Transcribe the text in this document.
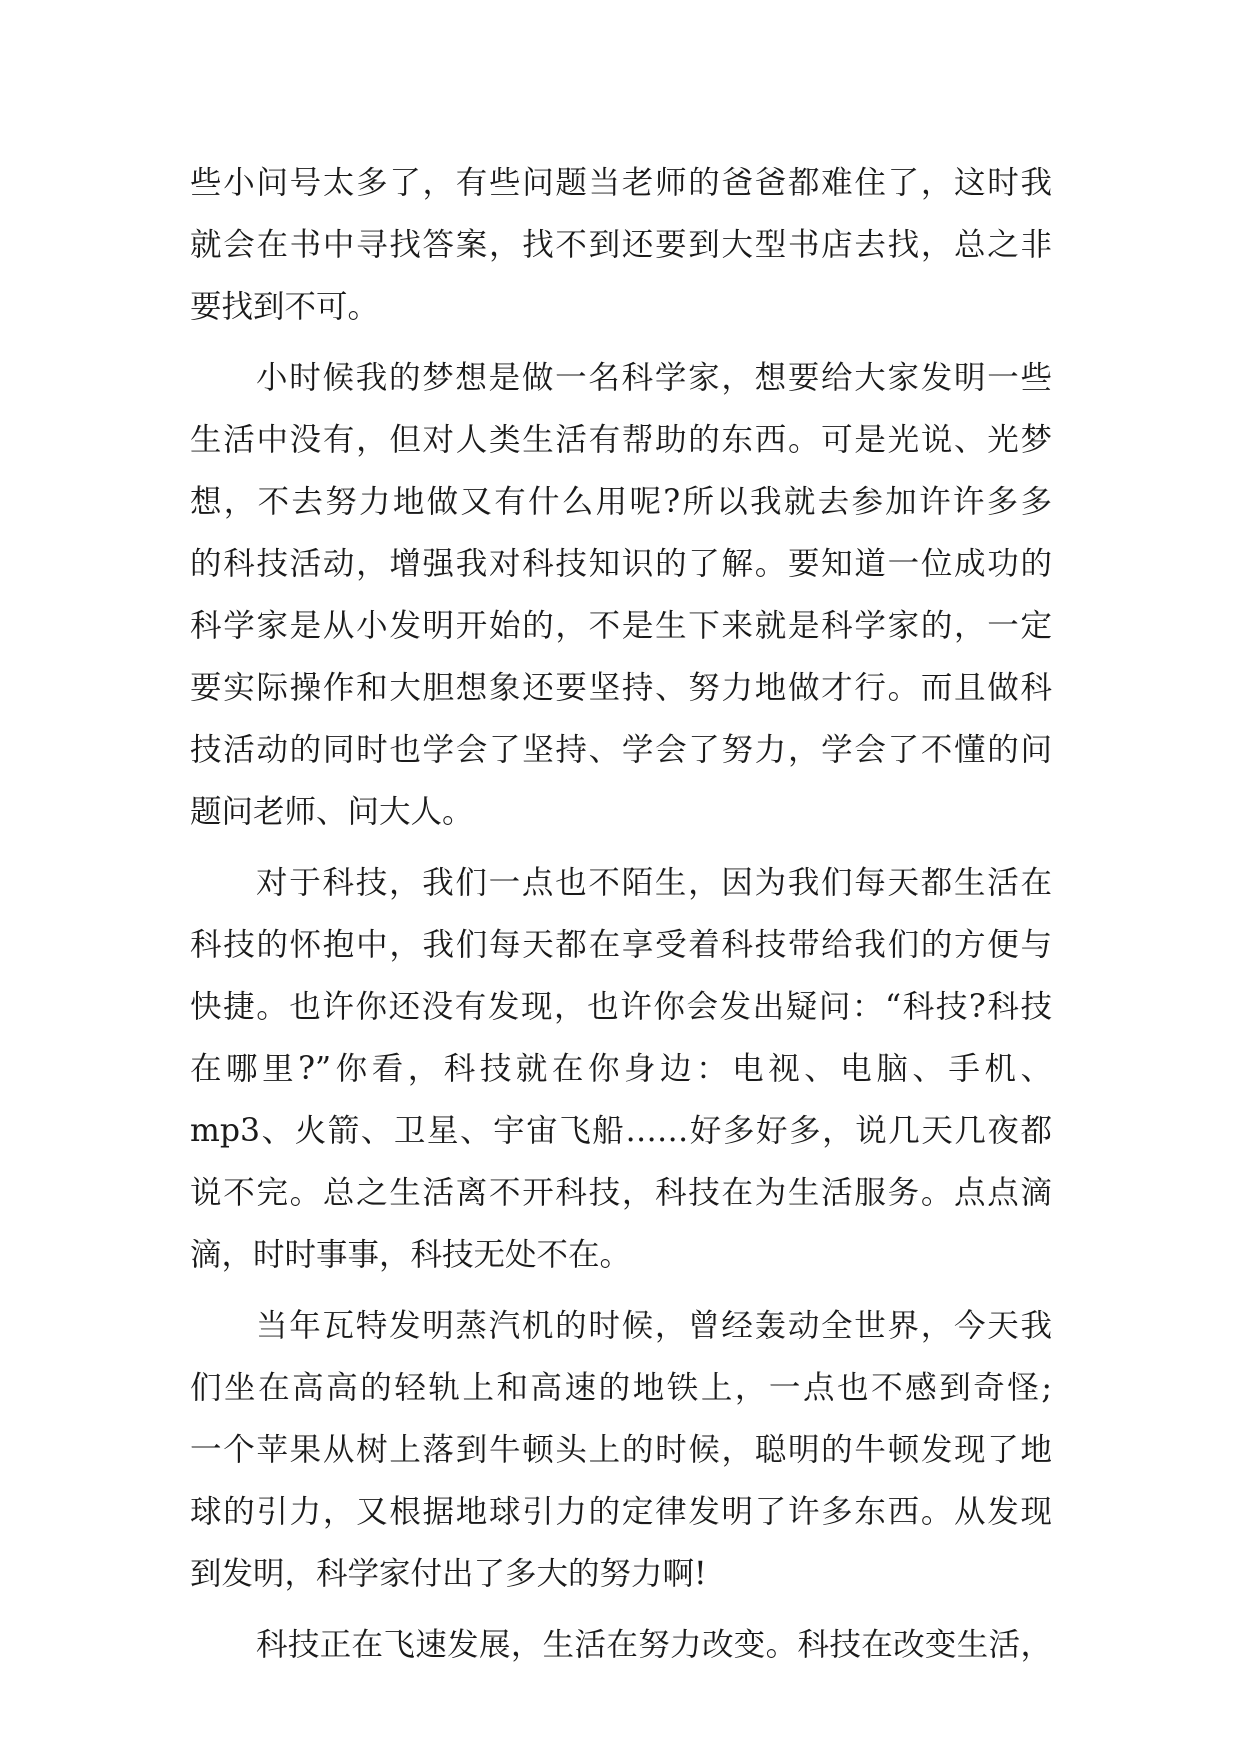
些小问号太多了，有些问题当老师的爸爸都难住了，这时我
就会在书中寻找答案，找不到还要到大型书店去找，总之非
要找到不可。
小时候我的梦想是做一名科学家，想要给大家发明一些
生活中没有，但对人类生活有帮助的东西。可是光说、光梦
想，不去努力地做又有什么用呢?所以我就去参加许许多多
的科技活动，增强我对科技知识的了解。要知道一位成功的
科学家是从小发明开始的，不是生下来就是科学家的，一定
要实际操作和大胆想象还要坚持、努力地做才行。而且做科
技活动的同时也学会了坚持、学会了努力，学会了不懂的问
题问老师、问大人。
对于科技，我们一点也不陌生，因为我们每天都生活在
科技的怀抱中，我们每天都在享受着科技带给我们的方便与
快捷。也许你还没有发现，也许你会发出疑问：“科技?科技
在哪里?”你看，科技就在你身边：电视、电脑、手机、
mp3、火箭、卫星、宇宙飞船……好多好多，说几天几夜都
说不完。总之生活离不开科技，科技在为生活服务。点点滴
滴，时时事事，科技无处不在。
当年瓦特发明蒸汽机的时候，曾经轰动全世界，今天我
们坐在高高的轻轨上和高速的地铁上，一点也不感到奇怪;
一个苹果从树上落到牛顿头上的时候，聪明的牛顿发现了地
球的引力，又根据地球引力的定律发明了许多东西。从发现
到发明，科学家付出了多大的努力啊!
科技正在飞速发展，生活在努力改变。科技在改变生活，
